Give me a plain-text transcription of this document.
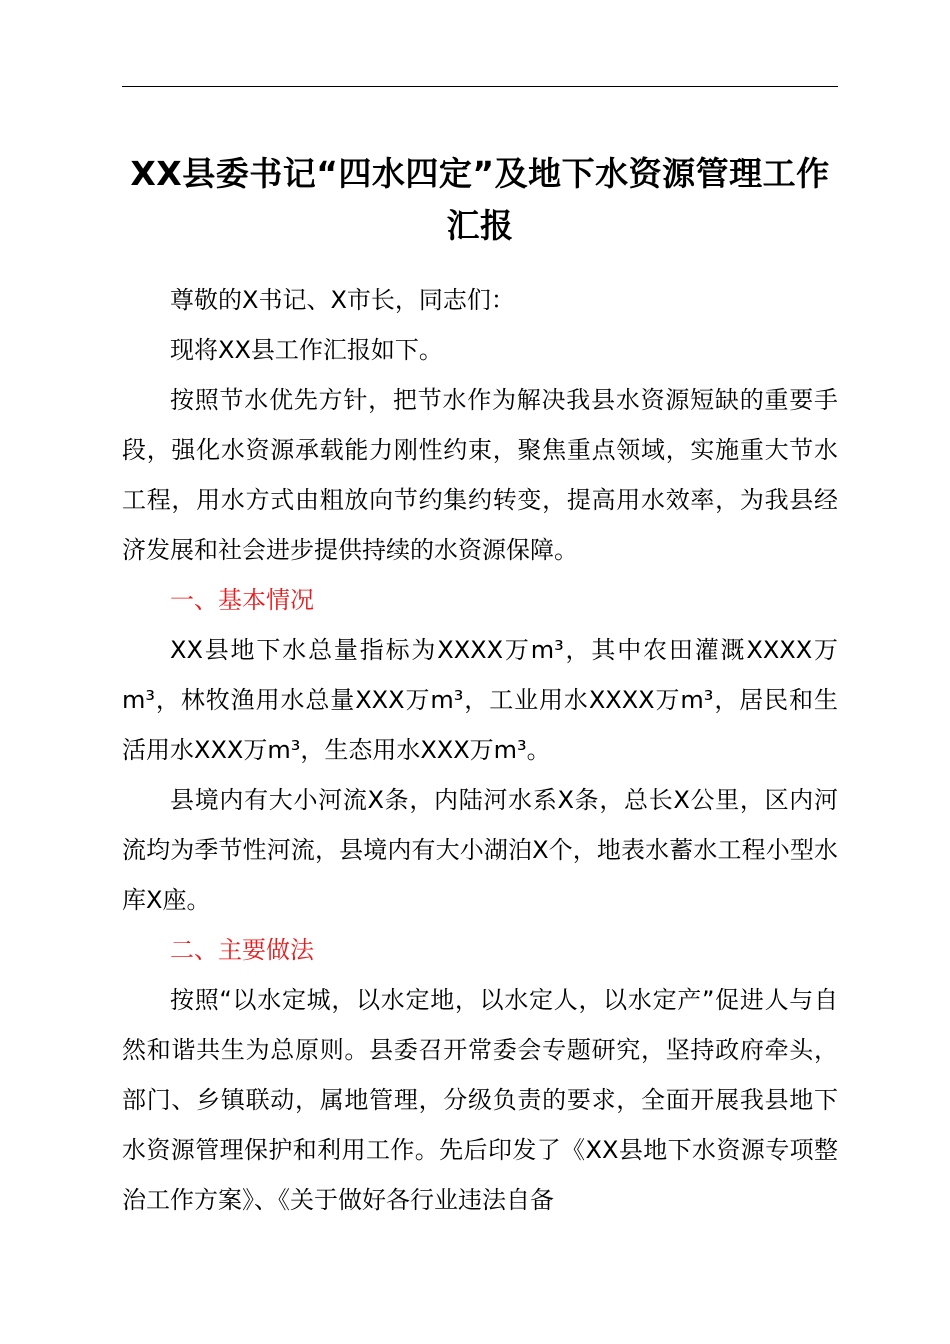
XX县委书记“四水四定”及地下水资源管理工作汇报

尊敬的X书记、X市长，同志们：

现将XX县工作汇报如下。

按照节水优先方针，把节水作为解决我县水资源短缺的重要手段，强化水资源承载能力刚性约束，聚焦重点领域，实施重大节水工程，用水方式由粗放向节约集约转变，提高用水效率，为我县经济发展和社会进步提供持续的水资源保障。

一、基本情况

XX县地下水总量指标为XXXX万m³，其中农田灌溉XXXX万m³，林牧渔用水总量XXX万m³，工业用水XXXX万m³，居民和生活用水XXX万m³，生态用水XXX万m³。

县境内有大小河流X条，内陆河水系X条，总长X公里，区内河流均为季节性河流，县境内有大小湖泊X个，地表水蓄水工程小型水库X座。

二、主要做法

按照“以水定城，以水定地，以水定人，以水定产”促进人与自然和谐共生为总原则。县委召开常委会专题研究，坚持政府牵头，部门、乡镇联动，属地管理，分级负责的要求，全面开展我县地下水资源管理保护和利用工作。先后印发了《XX县地下水资源专项整治工作方案》、《关于做好各行业违法自备
